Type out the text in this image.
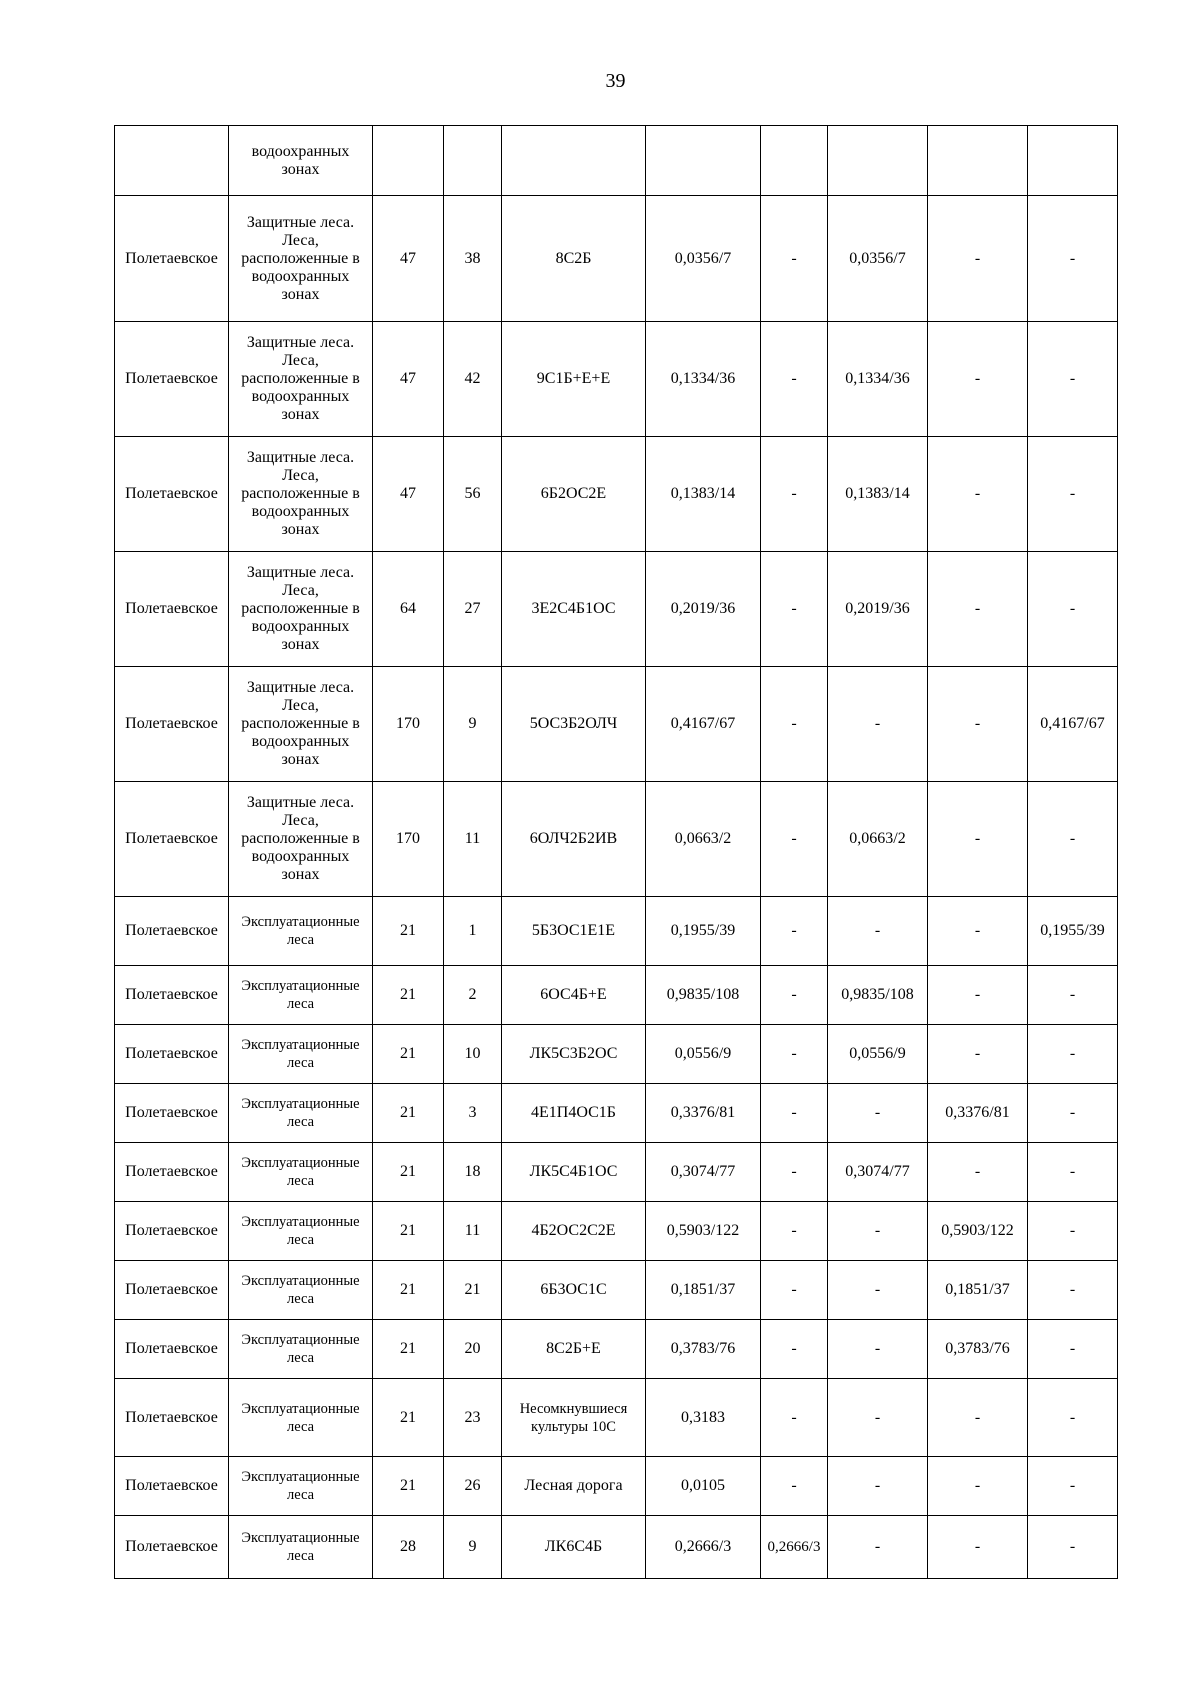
39
	водоохранных зонах								
Полетаевское	Защитные леса. Леса, расположенные в водоохранных зонах	47	38	8С2Б	0,0356/7	-	0,0356/7	-	-
Полетаевское	Защитные леса. Леса, расположенные в водоохранных зонах	47	42	9С1Б+Е+Е	0,1334/36	-	0,1334/36	-	-
Полетаевское	Защитные леса. Леса, расположенные в водоохранных зонах	47	56	6Б2ОС2Е	0,1383/14	-	0,1383/14	-	-
Полетаевское	Защитные леса. Леса, расположенные в водоохранных зонах	64	27	3Е2С4Б1ОС	0,2019/36	-	0,2019/36	-	-
Полетаевское	Защитные леса. Леса, расположенные в водоохранных зонах	170	9	5ОС3Б2ОЛЧ	0,4167/67	-	-	-	0,4167/67
Полетаевское	Защитные леса. Леса, расположенные в водоохранных зонах	170	11	6ОЛЧ2Б2ИВ	0,0663/2	-	0,0663/2	-	-
Полетаевское	Эксплуатационные леса	21	1	5Б3ОС1Е1Е	0,1955/39	-	-	-	0,1955/39
Полетаевское	Эксплуатационные леса	21	2	6ОС4Б+Е	0,9835/108	-	0,9835/108	-	-
Полетаевское	Эксплуатационные леса	21	10	ЛК5С3Б2ОС	0,0556/9	-	0,0556/9	-	-
Полетаевское	Эксплуатационные леса	21	3	4Е1П4ОС1Б	0,3376/81	-	-	0,3376/81	-
Полетаевское	Эксплуатационные леса	21	18	ЛК5С4Б1ОС	0,3074/77	-	0,3074/77	-	-
Полетаевское	Эксплуатационные леса	21	11	4Б2ОС2С2Е	0,5903/122	-	-	0,5903/122	-
Полетаевское	Эксплуатационные леса	21	21	6Б3ОС1С	0,1851/37	-	-	0,1851/37	-
Полетаевское	Эксплуатационные леса	21	20	8С2Б+Е	0,3783/76	-	-	0,3783/76	-
Полетаевское	Эксплуатационные леса	21	23	Несомкнувшиеся культуры 10С	0,3183	-	-	-	-
Полетаевское	Эксплуатационные леса	21	26	Лесная дорога	0,0105	-	-	-	-
Полетаевское	Эксплуатационные леса	28	9	ЛК6С4Б	0,2666/3	0,2666/3	-	-	-
